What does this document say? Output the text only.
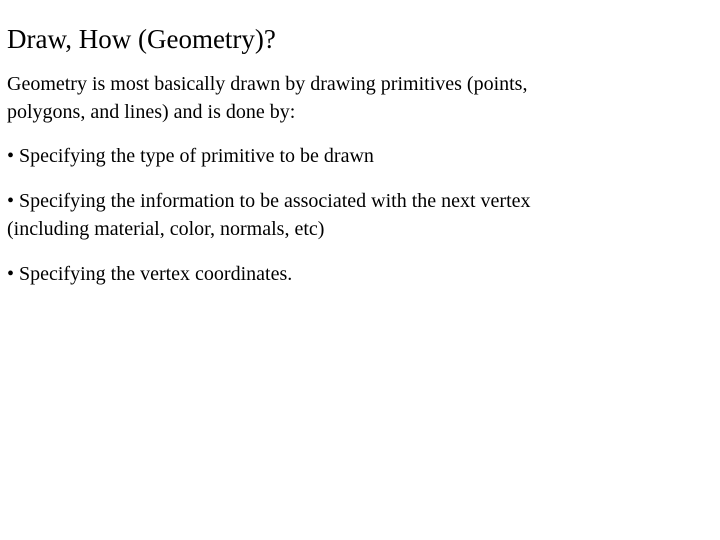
Draw, How (Geometry)?

Geometry is most basically drawn by drawing primitives (points,
polygons, and lines) and is done by:

• Specifying the type of primitive to be drawn

• Specifying the information to be associated with the next vertex
(including material, color, normals, etc)

• Specifying the vertex coordinates.
